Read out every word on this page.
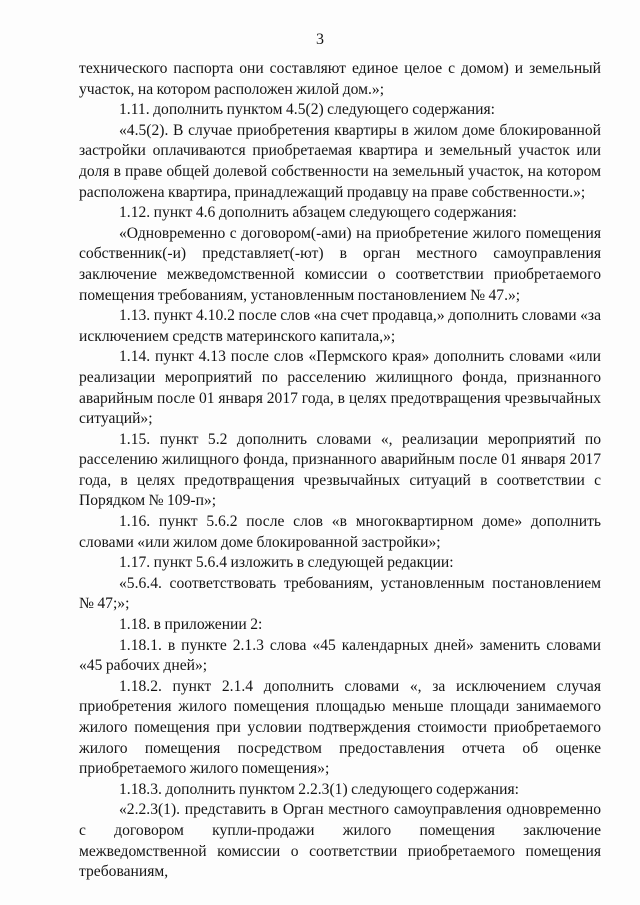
3

технического паспорта они составляют единое целое с домом) и земельный участок, на котором расположен жилой дом.»;

1.11. дополнить пунктом 4.5(2) следующего содержания:

«4.5(2). В случае приобретения квартиры в жилом доме блокированной застройки оплачиваются приобретаемая квартира и земельный участок или доля в праве общей долевой собственности на земельный участок, на котором расположена квартира, принадлежащий продавцу на праве собственности.»;

1.12. пункт 4.6 дополнить абзацем следующего содержания:

«Одновременно с договором(-ами) на приобретение жилого помещения собственник(-и) представляет(-ют) в орган местного самоуправления заключение межведомственной комиссии о соответствии приобретаемого помещения требованиям, установленным постановлением № 47.»;

1.13. пункт 4.10.2 после слов «на счет продавца,» дополнить словами «за исключением средств материнского капитала,»;

1.14. пункт 4.13 после слов «Пермского края» дополнить словами «или реализации мероприятий по расселению жилищного фонда, признанного аварийным после 01 января 2017 года, в целях предотвращения чрезвычайных ситуаций»;

1.15. пункт 5.2 дополнить словами «, реализации мероприятий по расселению жилищного фонда, признанного аварийным после 01 января 2017 года, в целях предотвращения чрезвычайных ситуаций в соответствии с Порядком № 109-п»;

1.16. пункт 5.6.2 после слов «в многоквартирном доме» дополнить словами «или жилом доме блокированной застройки»;

1.17. пункт 5.6.4 изложить в следующей редакции:

«5.6.4. соответствовать требованиям, установленным постановлением № 47;»;

1.18. в приложении 2:

1.18.1. в пункте 2.1.3 слова «45 календарных дней» заменить словами «45 рабочих дней»;

1.18.2. пункт 2.1.4 дополнить словами «, за исключением случая приобретения жилого помещения площадью меньше площади занимаемого жилого помещения при условии подтверждения стоимости приобретаемого жилого помещения посредством предоставления отчета об оценке приобретаемого жилого помещения»;

1.18.3. дополнить пунктом 2.2.3(1) следующего содержания:

«2.2.3(1). представить в Орган местного самоуправления одновременно с договором купли-продажи жилого помещения заключение межведомственной комиссии о соответствии приобретаемого помещения требованиям,
